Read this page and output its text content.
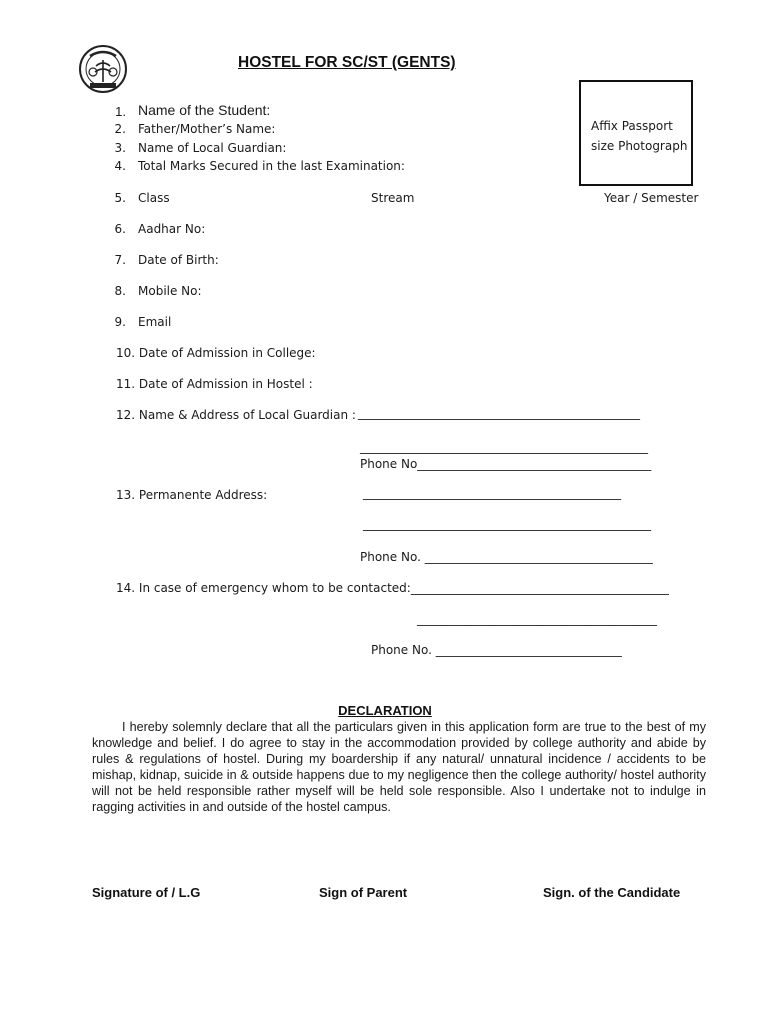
HOSTEL FOR SC/ST (GENTS)
Affix Passport
size Photograph
1. Name of the Student:
2. Father/Mother’s Name:
3. Name of Local Guardian:
4. Total Marks Secured in the last Examination:
5. Class	Stream	Year / Semester
6. Aadhar No:
7. Date of Birth:
8. Mobile No:
9. Email
10. Date of Admission in College:
11. Date of Admission in Hostel :
12. Name & Address of Local Guardian : _______________________________________________
________________________________________________
Phone No_______________________________________
13. Permanente Address:	___________________________________________
________________________________________________
Phone No. ______________________________________
14. In case of emergency whom to be contacted:___________________________________________
________________________________________
Phone No. _______________________________
DECLARATION
I hereby solemnly declare that all the particulars given in this application form are true to the best of my knowledge and belief. I do agree to stay in the accommodation provided by college authority and abide by rules & regulations of hostel. During my boardership if any natural/ unnatural incidence / accidents to be mishap, kidnap, suicide in & outside happens due to my negligence then the college authority/ hostel authority will not be held responsible rather myself will be held sole responsible. Also I undertake not to indulge in ragging activities in and outside of the hostel campus.
Signature of / L.G	Sign of Parent	Sign. of the Candidate
